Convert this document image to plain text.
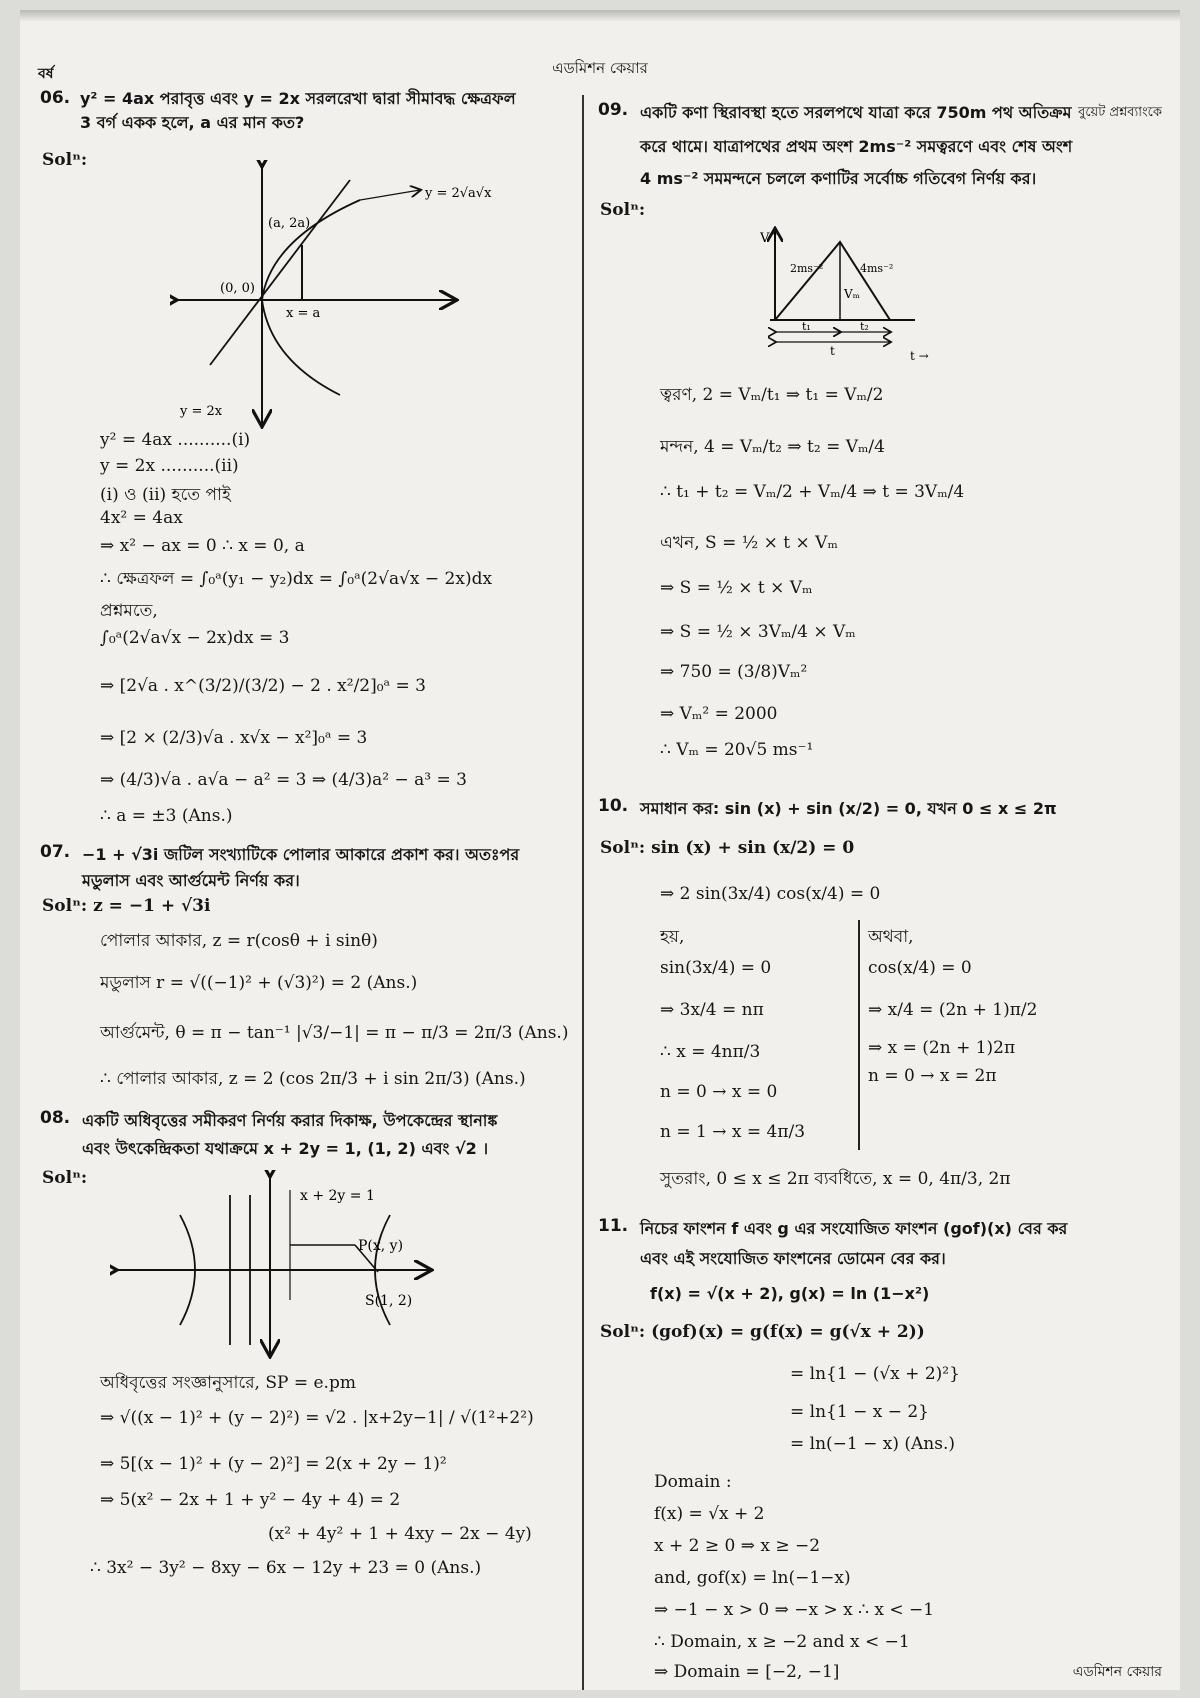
এডমিশন কেয়ার
বর্ষ
বুয়েট প্রশ্নব্যাংকে
06. y² = 4ax পরাবৃত্ত এবং y = 2x সরলরেখা দ্বারা সীমাবদ্ধ ক্ষেত্রফল
3 বর্গ একক হলে, a এর মান কত?
Solⁿ:
y = 2√a√x
(a, 2a)
(0, 0)
x = a
y = 2x
y² = 4ax ..........(i)
y = 2x ..........(ii)
(i) ও (ii) হতে পাই
4x² = 4ax
⇒ x² − ax = 0 ∴ x = 0, a
∴ ক্ষেত্রফল = ∫₀ᵃ(y₁ − y₂)dx = ∫₀ᵃ(2√a√x − 2x)dx
প্রশ্নমতে,
∫₀ᵃ(2√a√x − 2x)dx = 3
⇒ [2√a . x^(3/2)/(3/2) − 2 . x²/2]₀ᵃ = 3
⇒ [2 × (2/3)√a . x√x − x²]₀ᵃ = 3
⇒ (4/3)√a . a√a − a² = 3 ⇒ (4/3)a² − a³ = 3
∴ a = ±3 (Ans.)
07. −1 + √3i জটিল সংখ্যাটিকে পোলার আকারে প্রকাশ কর। অতঃপর
মডুলাস এবং আর্গুমেন্ট নির্ণয় কর।
Solⁿ: z = −1 + √3i
পোলার আকার, z = r(cosθ + i sinθ)
মডুলাস r = √((−1)² + (√3)²) = 2 (Ans.)
আর্গুমেন্ট, θ = π − tan⁻¹ |√3/−1| = π − π/3 = 2π/3 (Ans.)
∴ পোলার আকার, z = 2 (cos 2π/3 + i sin 2π/3) (Ans.)
08. একটি অধিবৃত্তের সমীকরণ নির্ণয় করার দিকাক্ষ, উপকেন্দ্রের স্থানাঙ্ক
এবং উৎকেন্দ্রিকতা যথাক্রমে x + 2y = 1, (1, 2) এবং √2 ।
Solⁿ:
x + 2y = 1
P(x, y)
S(1, 2)
অধিবৃত্তের সংজ্ঞানুসারে, SP = e.pm
⇒ √((x − 1)² + (y − 2)²) = √2 . |x+2y−1| / √(1²+2²)
⇒ 5[(x − 1)² + (y − 2)²] = 2(x + 2y − 1)²
⇒ 5(x² − 2x + 1 + y² − 4y + 4) = 2
(x² + 4y² + 1 + 4xy − 2x − 4y)
∴ 3x² − 3y² − 8xy − 6x − 12y + 23 = 0 (Ans.)
09. একটি কণা স্থিরাবস্থা হতে সরলপথে যাত্রা করে 750m পথ অতিক্রম
করে থামে। যাত্রাপথের প্রথম অংশ 2ms⁻² সমত্বরণে এবং শেষ অংশ
4 ms⁻² সমমন্দনে চললে কণাটির সর্বোচ্চ গতিবেগ নির্ণয় কর।
Solⁿ:
V↑
2ms⁻²	4ms⁻²
Vₘ
t₁	t₂
t	t →
ত্বরণ, 2 = Vₘ/t₁ ⇒ t₁ = Vₘ/2
মন্দন, 4 = Vₘ/t₂ ⇒ t₂ = Vₘ/4
∴ t₁ + t₂ = Vₘ/2 + Vₘ/4 ⇒ t = 3Vₘ/4
এখন, S = ½ × t × Vₘ
⇒ S = ½ × t × Vₘ
⇒ S = ½ × 3Vₘ/4 × Vₘ
⇒ 750 = (3/8)Vₘ²
⇒ Vₘ² = 2000
∴ Vₘ = 20√5 ms⁻¹
10. সমাধান কর: sin (x) + sin (x/2) = 0, যখন 0 ≤ x ≤ 2π
Solⁿ: sin (x) + sin (x/2) = 0
⇒ 2 sin(3x/4) cos(x/4) = 0
হয়,
sin(3x/4) = 0
⇒ 3x/4 = nπ
∴ x = 4nπ/3
n = 0 → x = 0
n = 1 → x = 4π/3
অথবা,
cos(x/4) = 0
⇒ x/4 = (2n + 1)π/2
⇒ x = (2n + 1)2π
n = 0 → x = 2π
সুতরাং, 0 ≤ x ≤ 2π ব্যবধিতে, x = 0, 4π/3, 2π
11. নিচের ফাংশন f এবং g এর সংযোজিত ফাংশন (gof)(x) বের কর
এবং এই সংযোজিত ফাংশনের ডোমেন বের কর।
f(x) = √(x + 2), g(x) = ln (1−x²)
Solⁿ: (gof)(x) = g(f(x) = g(√x + 2))
= ln{1 − (√x + 2)²}
= ln{1 − x − 2}
= ln(−1 − x) (Ans.)
Domain :
f(x) = √x + 2
x + 2 ≥ 0 ⇒ x ≥ −2
and, gof(x) = ln(−1−x)
⇒ −1 − x > 0 ⇒ −x > x ∴ x < −1
∴ Domain, x ≥ −2 and x < −1
⇒ Domain = [−2, −1]	এডমিশন কেয়ার
